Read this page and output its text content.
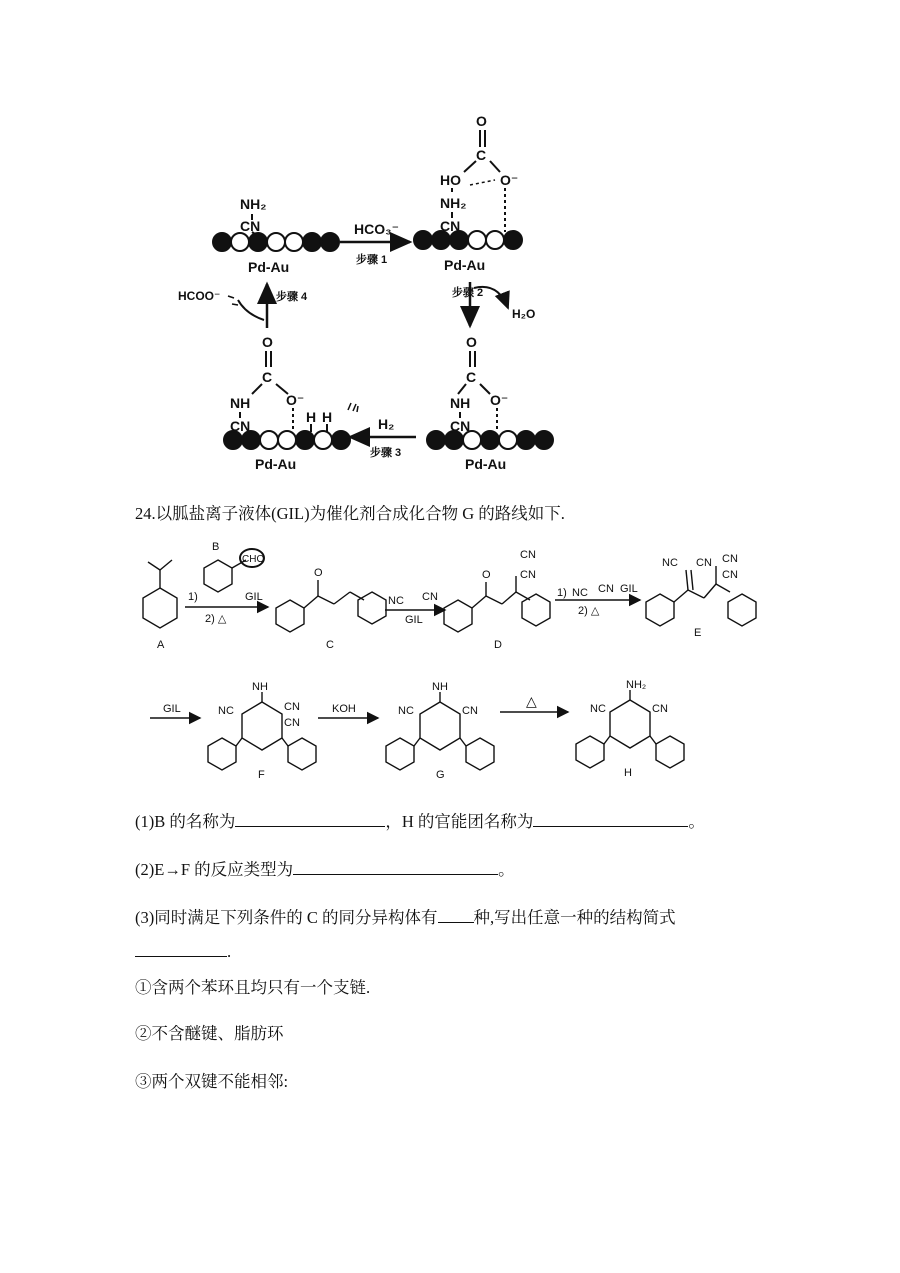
NH₂
CN
Pd-Au
HCO₃⁻
步骤 1
O
C
HO	O⁻
NH₂
CN
Pd-Au
步骤 2
H₂O
O
C
NH O⁻
CN
Pd-Au
H₂
步骤 3
O
C
NH	O⁻
CN
H H
Pd-Au
步骤 4
HCOO⁻
24.以胍盐离子液体(GIL)为催化剂合成化合物 G 的路线如下.
A
B
CHO
1)	GIL
2) △
O
C
NC CN
GIL
O
CN
CN
D
1) NC CN GIL
2) △
NC CN CN
CN
E
GIL
NH
NC	CN
CN
F
KOH
NH
NC	CN
G
△
NH₂
NC	CN
H
(1)B 的名称为	，H 的官能团名称为	。
(2)E→F 的反应类型为	。
(3)同时满足下列条件的 C 的同分异构体有 种,写出任意一种的结构简式
.
①含两个苯环且均只有一个支链.
②不含醚键、脂肪环
③两个双键不能相邻:
